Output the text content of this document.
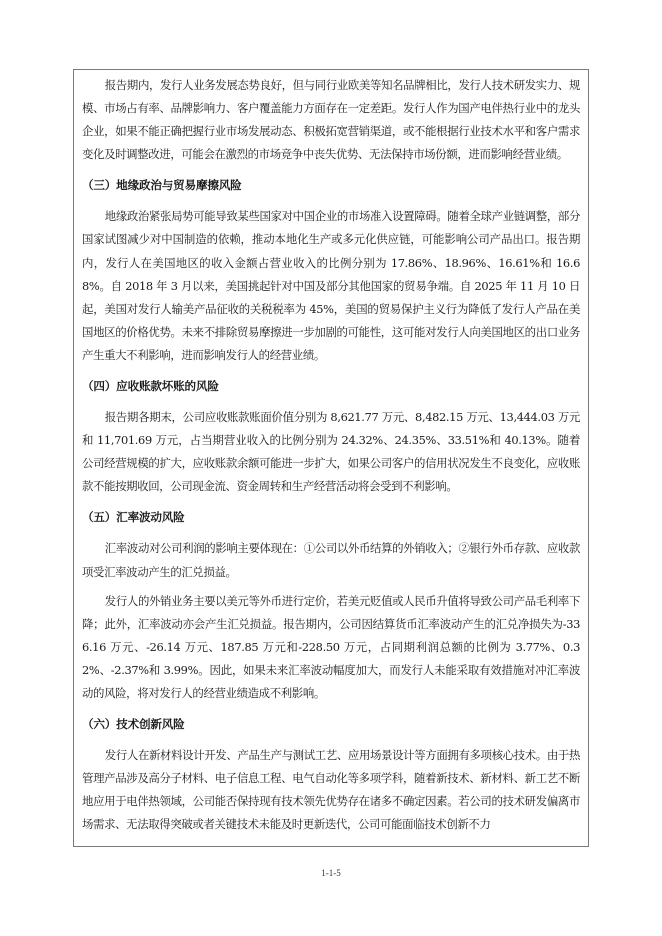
报告期内，发行人业务发展态势良好，但与同行业欧美等知名品牌相比，发行人技术研发实力、规模、市场占有率、品牌影响力、客户覆盖能力方面存在一定差距。发行人作为国产电伴热行业中的龙头企业，如果不能正确把握行业市场发展动态、积极拓宽营销渠道，或不能根据行业技术水平和客户需求变化及时调整改进，可能会在激烈的市场竞争中丧失优势、无法保持市场份额，进而影响经营业绩。

（三）地缘政治与贸易摩擦风险

地缘政治紧张局势可能导致某些国家对中国企业的市场准入设置障碍。随着全球产业链调整，部分国家试图减少对中国制造的依赖，推动本地化生产或多元化供应链，可能影响公司产品出口。报告期内，发行人在美国地区的收入金额占营业收入的比例分别为 17.86%、18.96%、16.61%和 16.68%。自 2018 年 3 月以来，美国挑起针对中国及部分其他国家的贸易争端。自 2025 年 11 月 10 日起，美国对发行人输美产品征收的关税税率为 45%，美国的贸易保护主义行为降低了发行人产品在美国地区的价格优势。未来不排除贸易摩擦进一步加剧的可能性，这可能对发行人向美国地区的出口业务产生重大不利影响，进而影响发行人的经营业绩。

（四）应收账款坏账的风险

报告期各期末，公司应收账款账面价值分别为 8,621.77 万元、8,482.15 万元、13,444.03 万元和 11,701.69 万元，占当期营业收入的比例分别为 24.32%、24.35%、33.51%和 40.13%。随着公司经营规模的扩大，应收账款余额可能进一步扩大，如果公司客户的信用状况发生不良变化，应收账款不能按期收回，公司现金流、资金周转和生产经营活动将会受到不利影响。

（五）汇率波动风险

汇率波动对公司利润的影响主要体现在：①公司以外币结算的外销收入；②银行外币存款、应收款项受汇率波动产生的汇兑损益。

发行人的外销业务主要以美元等外币进行定价，若美元贬值或人民币升值将导致公司产品毛利率下降；此外，汇率波动亦会产生汇兑损益。报告期内，公司因结算货币汇率波动产生的汇兑净损失为-336.16 万元、-26.14 万元、187.85 万元和-228.50 万元，占同期利润总额的比例为 3.77%、0.32%、-2.37%和 3.99%。因此，如果未来汇率波动幅度加大，而发行人未能采取有效措施对冲汇率波动的风险，将对发行人的经营业绩造成不利影响。

（六）技术创新风险

发行人在新材料设计开发、产品生产与测试工艺、应用场景设计等方面拥有多项核心技术。由于热管理产品涉及高分子材料、电子信息工程、电气自动化等多项学科，随着新技术、新材料、新工艺不断地应用于电伴热领域，公司能否保持现有技术领先优势存在诸多不确定因素。若公司的技术研发偏离市场需求、无法取得突破或者关键技术未能及时更新迭代，公司可能面临技术创新不力

1-1-5
